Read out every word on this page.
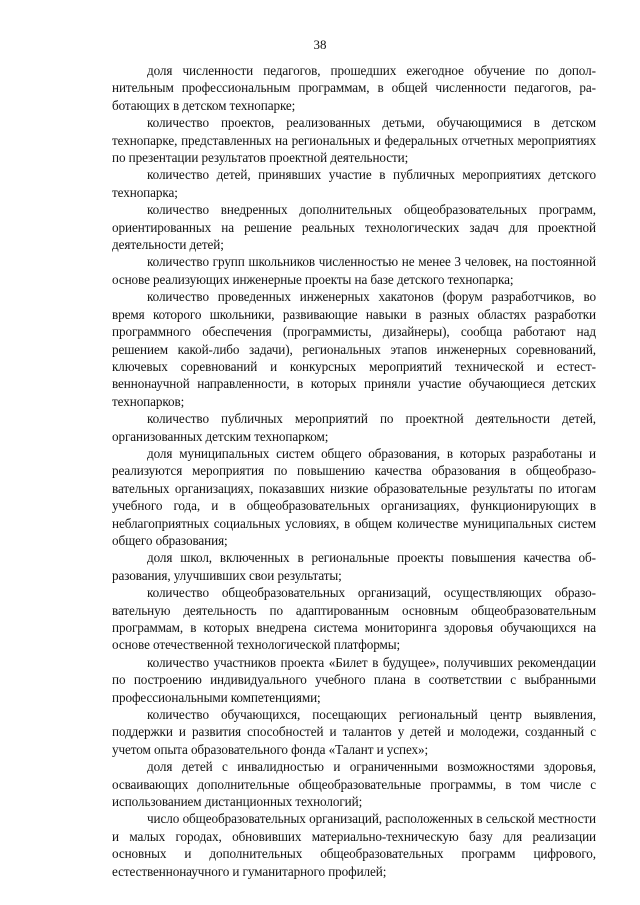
38

доля численности педагогов, прошедших ежегодное обучение по дополнительным профессиональным программам, в общей численности педагогов, работающих в детском технопарке;

количество проектов, реализованных детьми, обучающимися в детском технопарке, представленных на региональных и федеральных отчетных мероприятиях по презентации результатов проектной деятельности;

количество детей, принявших участие в публичных мероприятиях детского технопарка;

количество внедренных дополнительных общеобразовательных программ, ориентированных на решение реальных технологических задач для проектной деятельности детей;

количество групп школьников численностью не менее 3 человек, на постоянной основе реализующих инженерные проекты на базе детского технопарка;

количество проведенных инженерных хакатонов (форум разработчиков, во время которого школьники, развивающие навыки в разных областях разработки программного обеспечения (программисты, дизайнеры), сообща работают над решением какой-либо задачи), региональных этапов инженерных соревнований, ключевых соревнований и конкурсных мероприятий технической и естественнонаучной направленности, в которых приняли участие обучающиеся детских технопарков;

количество публичных мероприятий по проектной деятельности детей, организованных детским технопарком;

доля муниципальных систем общего образования, в которых разработаны и реализуются мероприятия по повышению качества образования в общеобразовательных организациях, показавших низкие образовательные результаты по итогам учебного года, и в общеобразовательных организациях, функционирующих в неблагоприятных социальных условиях, в общем количестве муниципальных систем общего образования;

доля школ, включенных в региональные проекты повышения качества образования, улучшивших свои результаты;

количество общеобразовательных организаций, осуществляющих образовательную деятельность по адаптированным основным общеобразовательным программам, в которых внедрена система мониторинга здоровья обучающихся на основе отечественной технологической платформы;

количество участников проекта «Билет в будущее», получивших рекомендации по построению индивидуального учебного плана в соответствии с выбранными профессиональными компетенциями;

количество обучающихся, посещающих региональный центр выявления, поддержки и развития способностей и талантов у детей и молодежи, созданный с учетом опыта образовательного фонда «Талант и успех»;

доля детей с инвалидностью и ограниченными возможностями здоровья, осваивающих дополнительные общеобразовательные программы, в том числе с использованием дистанционных технологий;

число общеобразовательных организаций, расположенных в сельской местности и малых городах, обновивших материально-техническую базу для реализации основных и дополнительных общеобразовательных программ цифрового, естественнонаучного и гуманитарного профилей;
